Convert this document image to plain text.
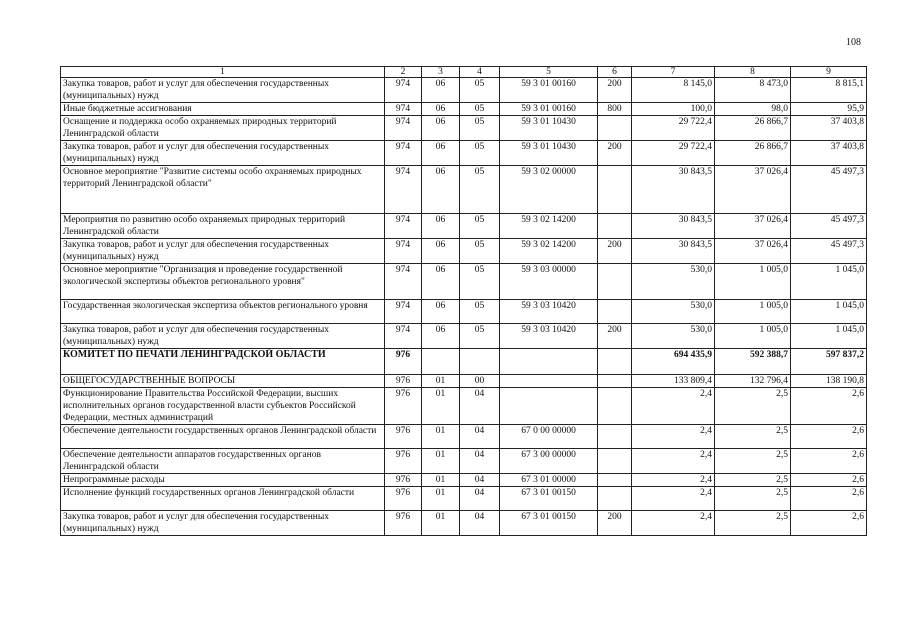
108
1	2	3	4	5	6	7	8	9
Закупка товаров, работ и услуг для обеспечения государственных (муниципальных) нужд	974	06	05	59 3 01 00160	200	8 145,0	8 473,0	8 815,1
Иные бюджетные ассигнования	974	06	05	59 3 01 00160	800	100,0	98,0	95,9
Оснащение и поддержка особо охраняемых природных территорий Ленинградской области	974	06	05	59 3 01 10430		29 722,4	26 866,7	37 403,8
Закупка товаров, работ и услуг для обеспечения государственных (муниципальных) нужд	974	06	05	59 3 01 10430	200	29 722,4	26 866,7	37 403,8
Основное мероприятие "Развитие системы особо охраняемых природных территорий Ленинградской области"	974	06	05	59 3 02 00000		30 843,5	37 026,4	45 497,3
Мероприятия по развитию особо охраняемых природных территорий Ленинградской области	974	06	05	59 3 02 14200		30 843,5	37 026,4	45 497,3
Закупка товаров, работ и услуг для обеспечения государственных (муниципальных) нужд	974	06	05	59 3 02 14200	200	30 843,5	37 026,4	45 497,3
Основное мероприятие "Организация и проведение государственной экологической экспертизы объектов регионального уровня"	974	06	05	59 3 03 00000		530,0	1 005,0	1 045,0
Государственная экологическая экспертиза объектов регионального уровня	974	06	05	59 3 03 10420		530,0	1 005,0	1 045,0
Закупка товаров, работ и услуг для обеспечения государственных (муниципальных) нужд	974	06	05	59 3 03 10420	200	530,0	1 005,0	1 045,0
КОМИТЕТ ПО ПЕЧАТИ ЛЕНИНГРАДСКОЙ ОБЛАСТИ	976					694 435,9	592 388,7	597 837,2
ОБЩЕГОСУДАРСТВЕННЫЕ ВОПРОСЫ	976	01	00			133 809,4	132 796,4	138 190,8
Функционирование Правительства Российской Федерации, высших исполнительных органов государственной власти субъектов Российской Федерации, местных администраций	976	01	04			2,4	2,5	2,6
Обеспечение деятельности государственных органов Ленинградской области	976	01	04	67 0 00 00000		2,4	2,5	2,6
Обеспечение деятельности аппаратов государственных органов Ленинградской области	976	01	04	67 3 00 00000		2,4	2,5	2,6
Непрограммные расходы	976	01	04	67 3 01 00000		2,4	2,5	2,6
Исполнение функций государственных органов Ленинградской области	976	01	04	67 3 01 00150		2,4	2,5	2,6
Закупка товаров, работ и услуг для обеспечения государственных (муниципальных) нужд	976	01	04	67 3 01 00150	200	2,4	2,5	2,6
